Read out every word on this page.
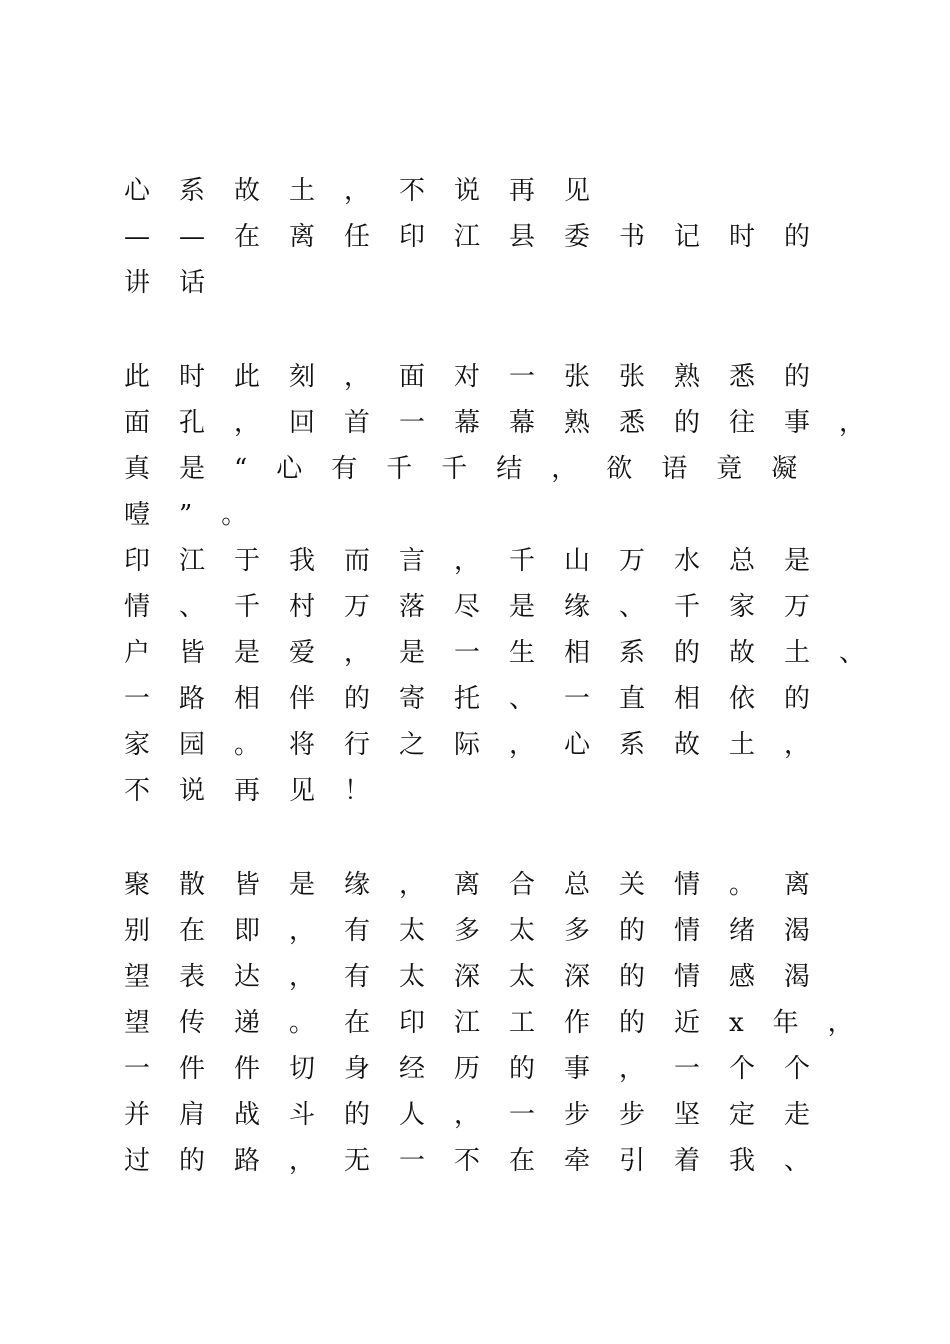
心系故土，不说再见
——在离任印江县委书记时的
讲话
此时此刻，面对一张张熟悉的
面孔，回首一幕幕熟悉的往事，
真是“心有千千结，欲语竟凝
噎”。
印江于我而言，千山万水总是
情、千村万落尽是缘、千家万
户皆是爱，是一生相系的故土、
一路相伴的寄托、一直相依的
家园。将行之际，心系故土，
不说再见！
聚散皆是缘，离合总关情。离
别在即，有太多太多的情绪渴
望表达，有太深太深的情感渴
望传递。在印江工作的近x年，
一件件切身经历的事，一个个
并肩战斗的人，一步步坚定走
过的路，无一不在牵引着我、
